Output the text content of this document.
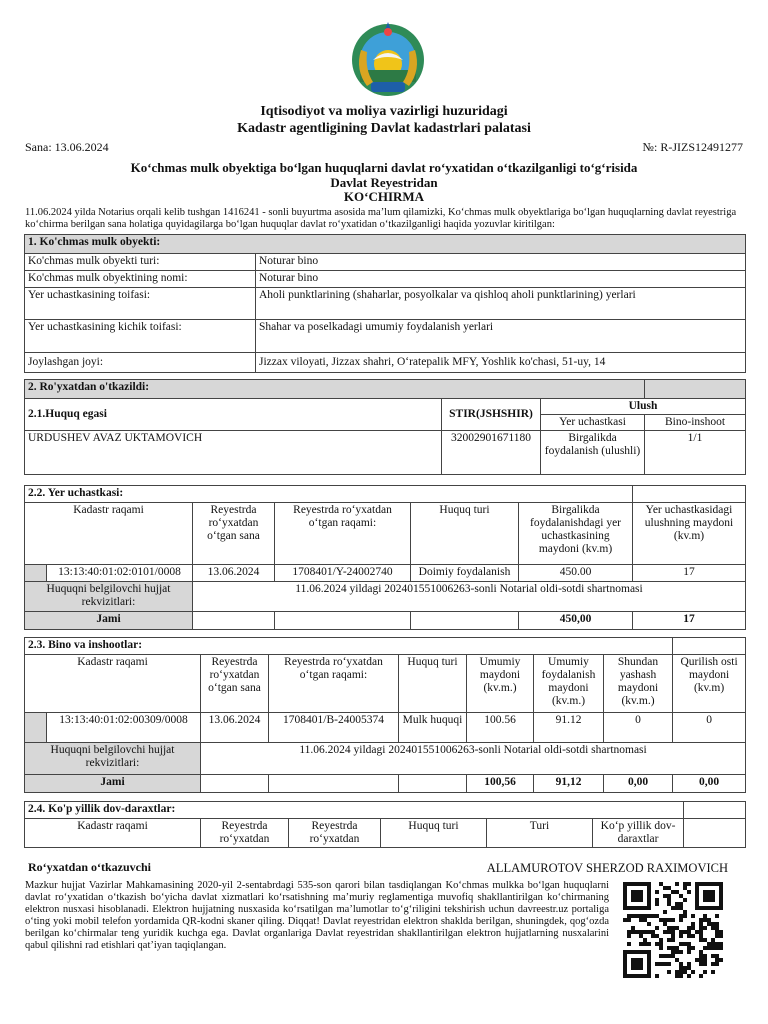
Iqtisodiyot va moliya vazirligi huzuridagi
Kadastr agentligining Davlat kadastrlari palatasi
Sana: 13.06.2024	№: R-JIZS12491277
Koʻchmas mulk obyektiga boʻlgan huquqlarni davlat roʻyxatidan oʻtkazilganligi toʻgʻrisida
Davlat Reyestridan
KOʻCHIRMA
11.06.2024 yilda Notarius orqali kelib tushgan 1416241 - sonli buyurtma asosida maʼlum qilamizki, Koʻchmas mulk obyektlariga boʻlgan huquqlarning davlat reyestriga koʻchirma berilgan sana holatiga quyidagilarga boʻlgan huquqlar davlat roʻyxatidan oʻtkazilganligi haqida yozuvlar kiritilgan:
1. Ko'chmas mulk obyekti:	
Ko'chmas mulk obyekti turi:	Noturar bino
Ko'chmas mulk obyektining nomi:	Noturar bino
Yer uchastkasining toifasi:	Aholi punktlarining (shaharlar, posyolkalar va qishloq aholi punktlarining) yerlari
Yer uchastkasining kichik toifasi:	Shahar va poselkadagi umumiy foydalanish yerlari
Joylashgan joyi:	Jizzax viloyati, Jizzax shahri, Oʻratepalik MFY, Yoshlik ko'chasi, 51-uy, 14
2. Ro'yxatdan o'tkazildi:			
2.1.Huquq egasi	STIR(JSHSHIR)	Ulush	
		Yer uchastkasi	Bino-inshoot
URDUSHEV AVAZ UKTAMOVICH	32002901671180	Birgalikda foydalanish (ulushli)	1/1
2.2. Yer uchastkasi:						
Kadastr raqami		Reyestrda roʻyxatdan oʻtgan sana	Reyestrda roʻyxatdan oʻtgan raqami:	Huquq turi	Birgalikda foydalanishdagi yer uchastkasining maydoni (kv.m)	Yer uchastkasidagi ulushning maydoni (kv.m)
	13:13:40:01:02:0101/0008	13.06.2024	1708401/Y-24002740	Doimiy foydalanish	450.00	17
Huquqni belgilovchi hujjat rekvizitlari:		11.06.2024 yildagi 202401551006263-sonli Notarial oldi-sotdi shartnomasi				
Jami					450,00	17
2.3. Bino va inshootlar:								
Kadastr raqami		Reyestrda roʻyxatdan oʻtgan sana	Reyestrda roʻyxatdan oʻtgan raqami:	Huquq turi	Umumiy maydoni (kv.m.)	Umumiy foydalanish maydoni (kv.m.)	Shundan yashash maydoni (kv.m.)	Qurilish osti maydoni (kv.m)
	13:13:40:01:02:00309/0008	13.06.2024	1708401/B-24005374	Mulk huquqi	100.56	91.12	0	0
Huquqni belgilovchi hujjat rekvizitlari:		11.06.2024 yildagi 202401551006263-sonli Notarial oldi-sotdi shartnomasi						
Jami					100,56	91,12	0,00	0,00
2.4. Ko'p yillik dov-daraxtlar:						
Kadastr raqami	Reyestrda roʻyxatdan	Reyestrda roʻyxatdan	Huquq turi	Turi	Koʻp yillik dov-daraxtlar	
Roʻyxatdan oʻtkazuvchi	ALLAMUROTOV SHERZOD RAXIMOVICH
Mazkur hujjat Vazirlar Mahkamasining 2020-yil 2-sentabrdagi 535-son qarori bilan tasdiqlangan Koʻchmas mulkka boʻlgan huquqlarni davlat roʻyxatidan oʻtkazish boʻyicha davlat xizmatlari koʻrsatishning maʼmuriy reglamentiga muvofiq shakllantirilgan koʻchirmaning elektron nusxasi hisoblanadi. Elektron hujjatning nusxasida koʻrsatilgan maʼlumotlar toʻgʻriligini tekshirish uchun davreestr.uz portaliga oʻting yoki mobil telefon yordamida QR-kodni skaner qiling. Diqqat! Davlat reyestridan elektron shaklda berilgan, shuningdek, qogʻozda berilgan koʻchirmalar teng yuridik kuchga ega. Davlat organlariga Davlat reyestridan shakllantirilgan elektron hujjatlarning nusxalarini qabul qilishni rad etishlari qatʼiyan taqiqlangan.
